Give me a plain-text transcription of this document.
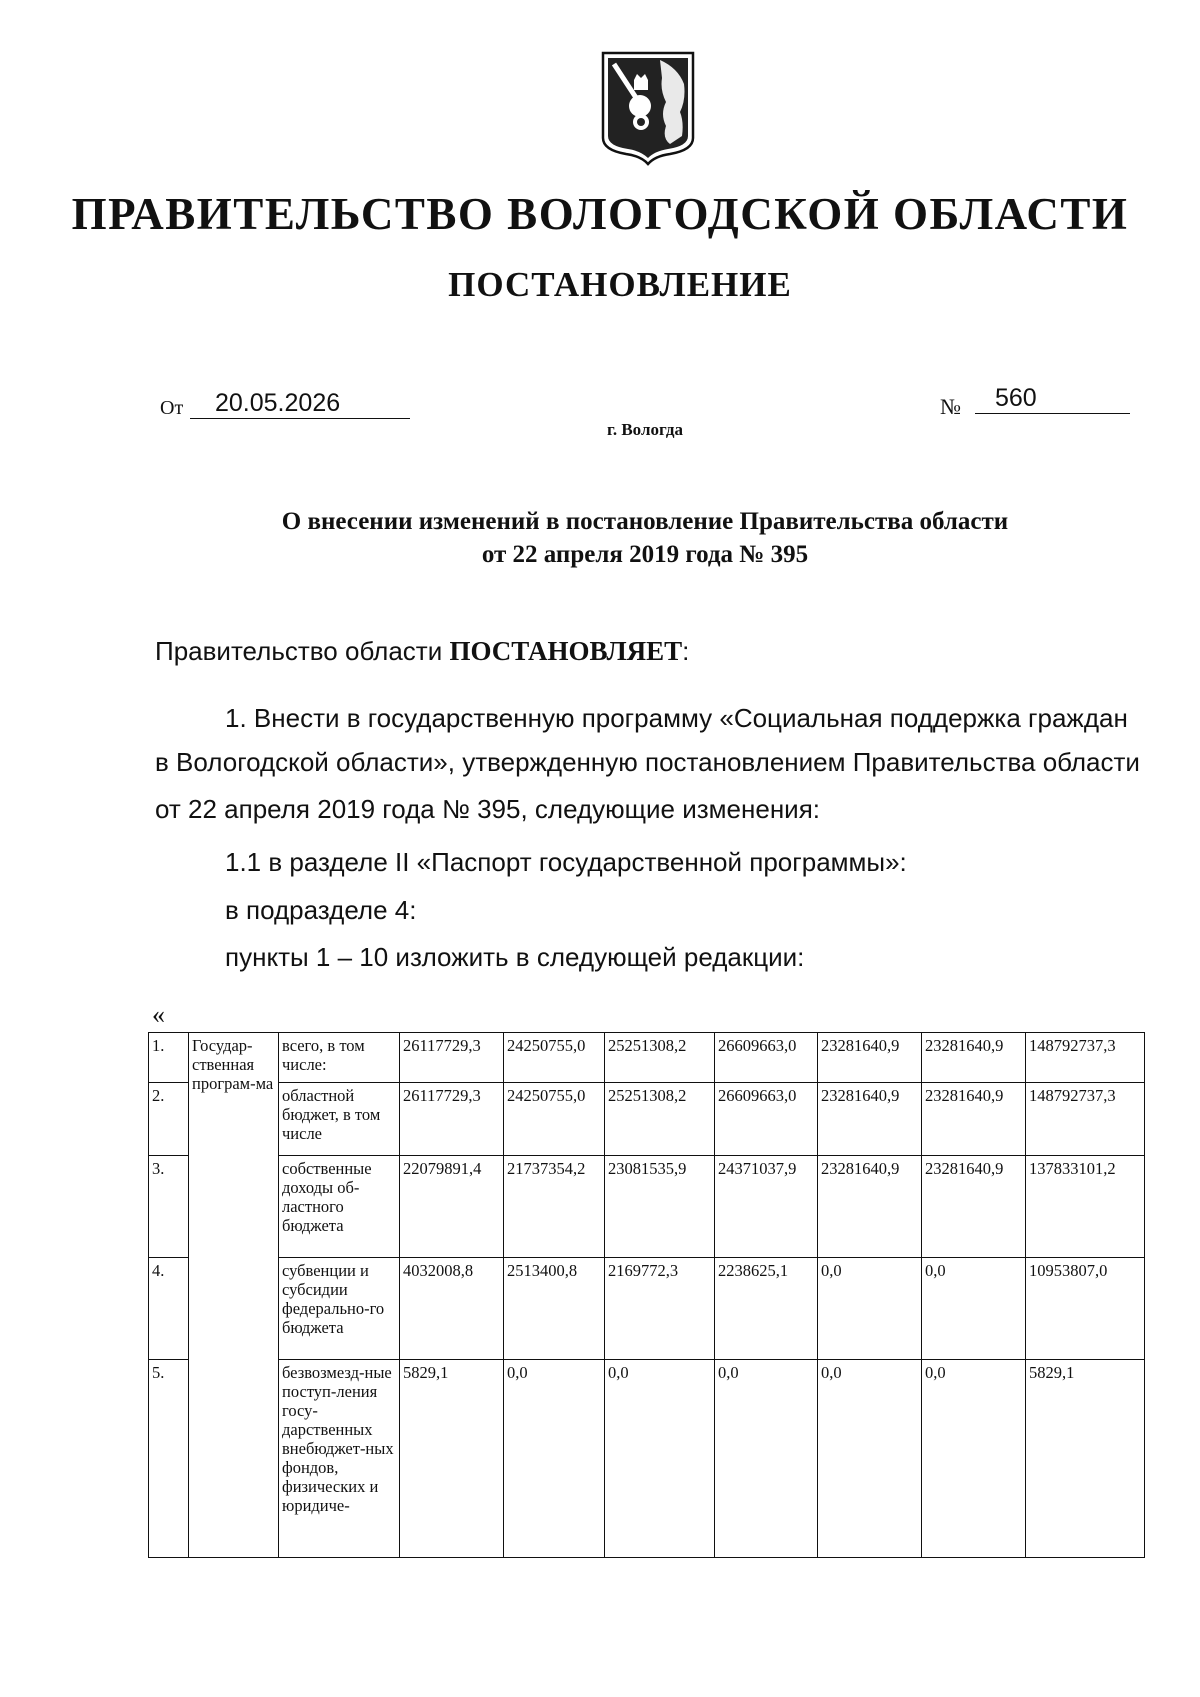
ПРАВИТЕЛЬСТВО ВОЛОГОДСКОЙ ОБЛАСТИ
ПОСТАНОВЛЕНИЕ
От	20.05.2026	№	560
г. Вологда
О внесении изменений в постановление Правительства области
от 22 апреля 2019 года № 395
Правительство области ПОСТАНОВЛЯЕТ:
1. Внести в государственную программу «Социальная поддержка граждан
в Вологодской области», утвержденную постановлением Правительства области
от 22 апреля 2019 года № 395, следующие изменения:
1.1 в разделе II «Паспорт государственной программы»:
в подразделе 4:
пункты 1 – 10 изложить в следующей редакции:
«
1.	Государ-ственная програм-ма	всего, в том числе:	26117729,3	24250755,0	25251308,2	26609663,0	23281640,9	23281640,9	148792737,3
2.		областной бюджет, в том числе	26117729,3	24250755,0	25251308,2	26609663,0	23281640,9	23281640,9	148792737,3
3.		собственные доходы об-ластного бюджета	22079891,4	21737354,2	23081535,9	24371037,9	23281640,9	23281640,9	137833101,2
4.		субвенции и субсидии федерально-го бюджета	4032008,8	2513400,8	2169772,3	2238625,1	0,0	0,0	10953807,0
5.		безвозмезд-ные поступ-ления госу-дарственных внебюджет-ных фондов, физических и юридиче-	5829,1	0,0	0,0	0,0	0,0	0,0	5829,1
